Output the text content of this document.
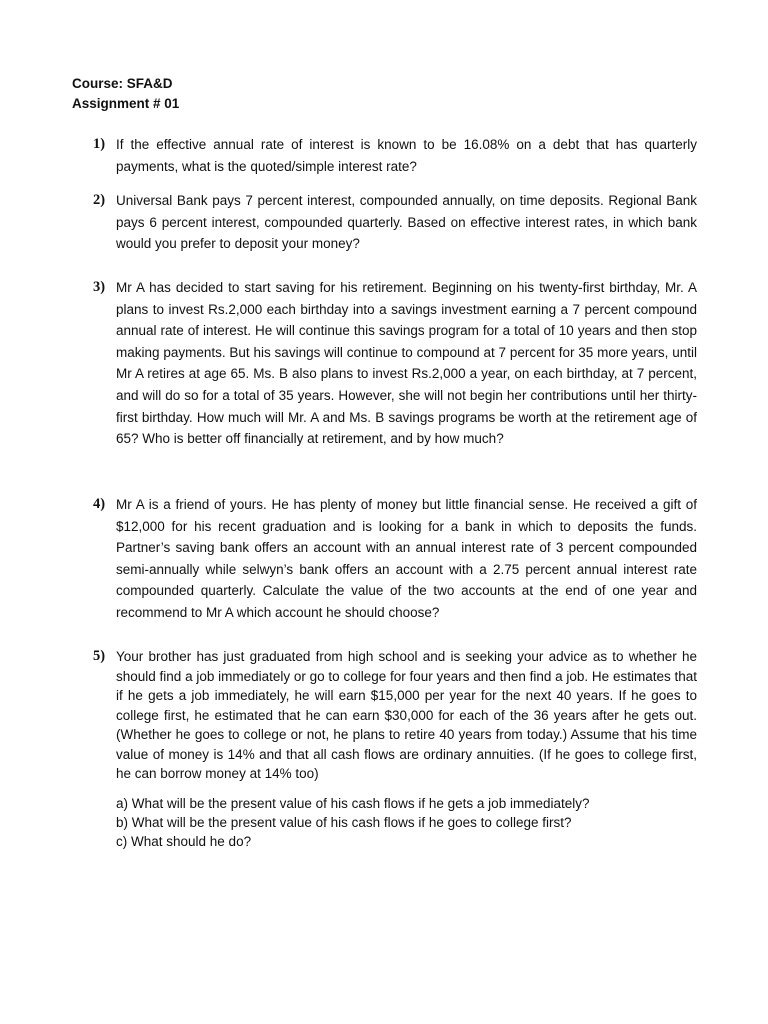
Course: SFA&D
Assignment # 01
1) If the effective annual rate of interest is known to be 16.08% on a debt that has quarterly payments, what is the quoted/simple interest rate?
2) Universal Bank pays 7 percent interest, compounded annually, on time deposits. Regional Bank pays 6 percent interest, compounded quarterly. Based on effective interest rates, in which bank would you prefer to deposit your money?
3) Mr A has decided to start saving for his retirement. Beginning on his twenty-first birthday, Mr. A plans to invest Rs.2,000 each birthday into a savings investment earning a 7 percent compound annual rate of interest. He will continue this savings program for a total of 10 years and then stop making payments. But his savings will continue to compound at 7 percent for 35 more years, until Mr A retires at age 65. Ms. B also plans to invest Rs.2,000 a year, on each birthday, at 7 percent, and will do so for a total of 35 years. However, she will not begin her contributions until her thirty-first birthday. How much will Mr. A and Ms. B savings programs be worth at the retirement age of 65? Who is better off financially at retirement, and by how much?
4) Mr A is a friend of yours. He has plenty of money but little financial sense. He received a gift of $12,000 for his recent graduation and is looking for a bank in which to deposits the funds. Partner’s saving bank offers an account with an annual interest rate of 3 percent compounded semi-annually while selwyn’s bank offers an account with a 2.75 percent annual interest rate compounded quarterly. Calculate the value of the two accounts at the end of one year and recommend to Mr A which account he should choose?
5) Your brother has just graduated from high school and is seeking your advice as to whether he should find a job immediately or go to college for four years and then find a job. He estimates that if he gets a job immediately, he will earn $15,000 per year for the next 40 years. If he goes to college first, he estimated that he can earn $30,000 for each of the 36 years after he gets out. (Whether he goes to college or not, he plans to retire 40 years from today.) Assume that his time value of money is 14% and that all cash flows are ordinary annuities. (If he goes to college first, he can borrow money at 14% too)
a) What will be the present value of his cash flows if he gets a job immediately?
b) What will be the present value of his cash flows if he goes to college first?
c) What should he do?
